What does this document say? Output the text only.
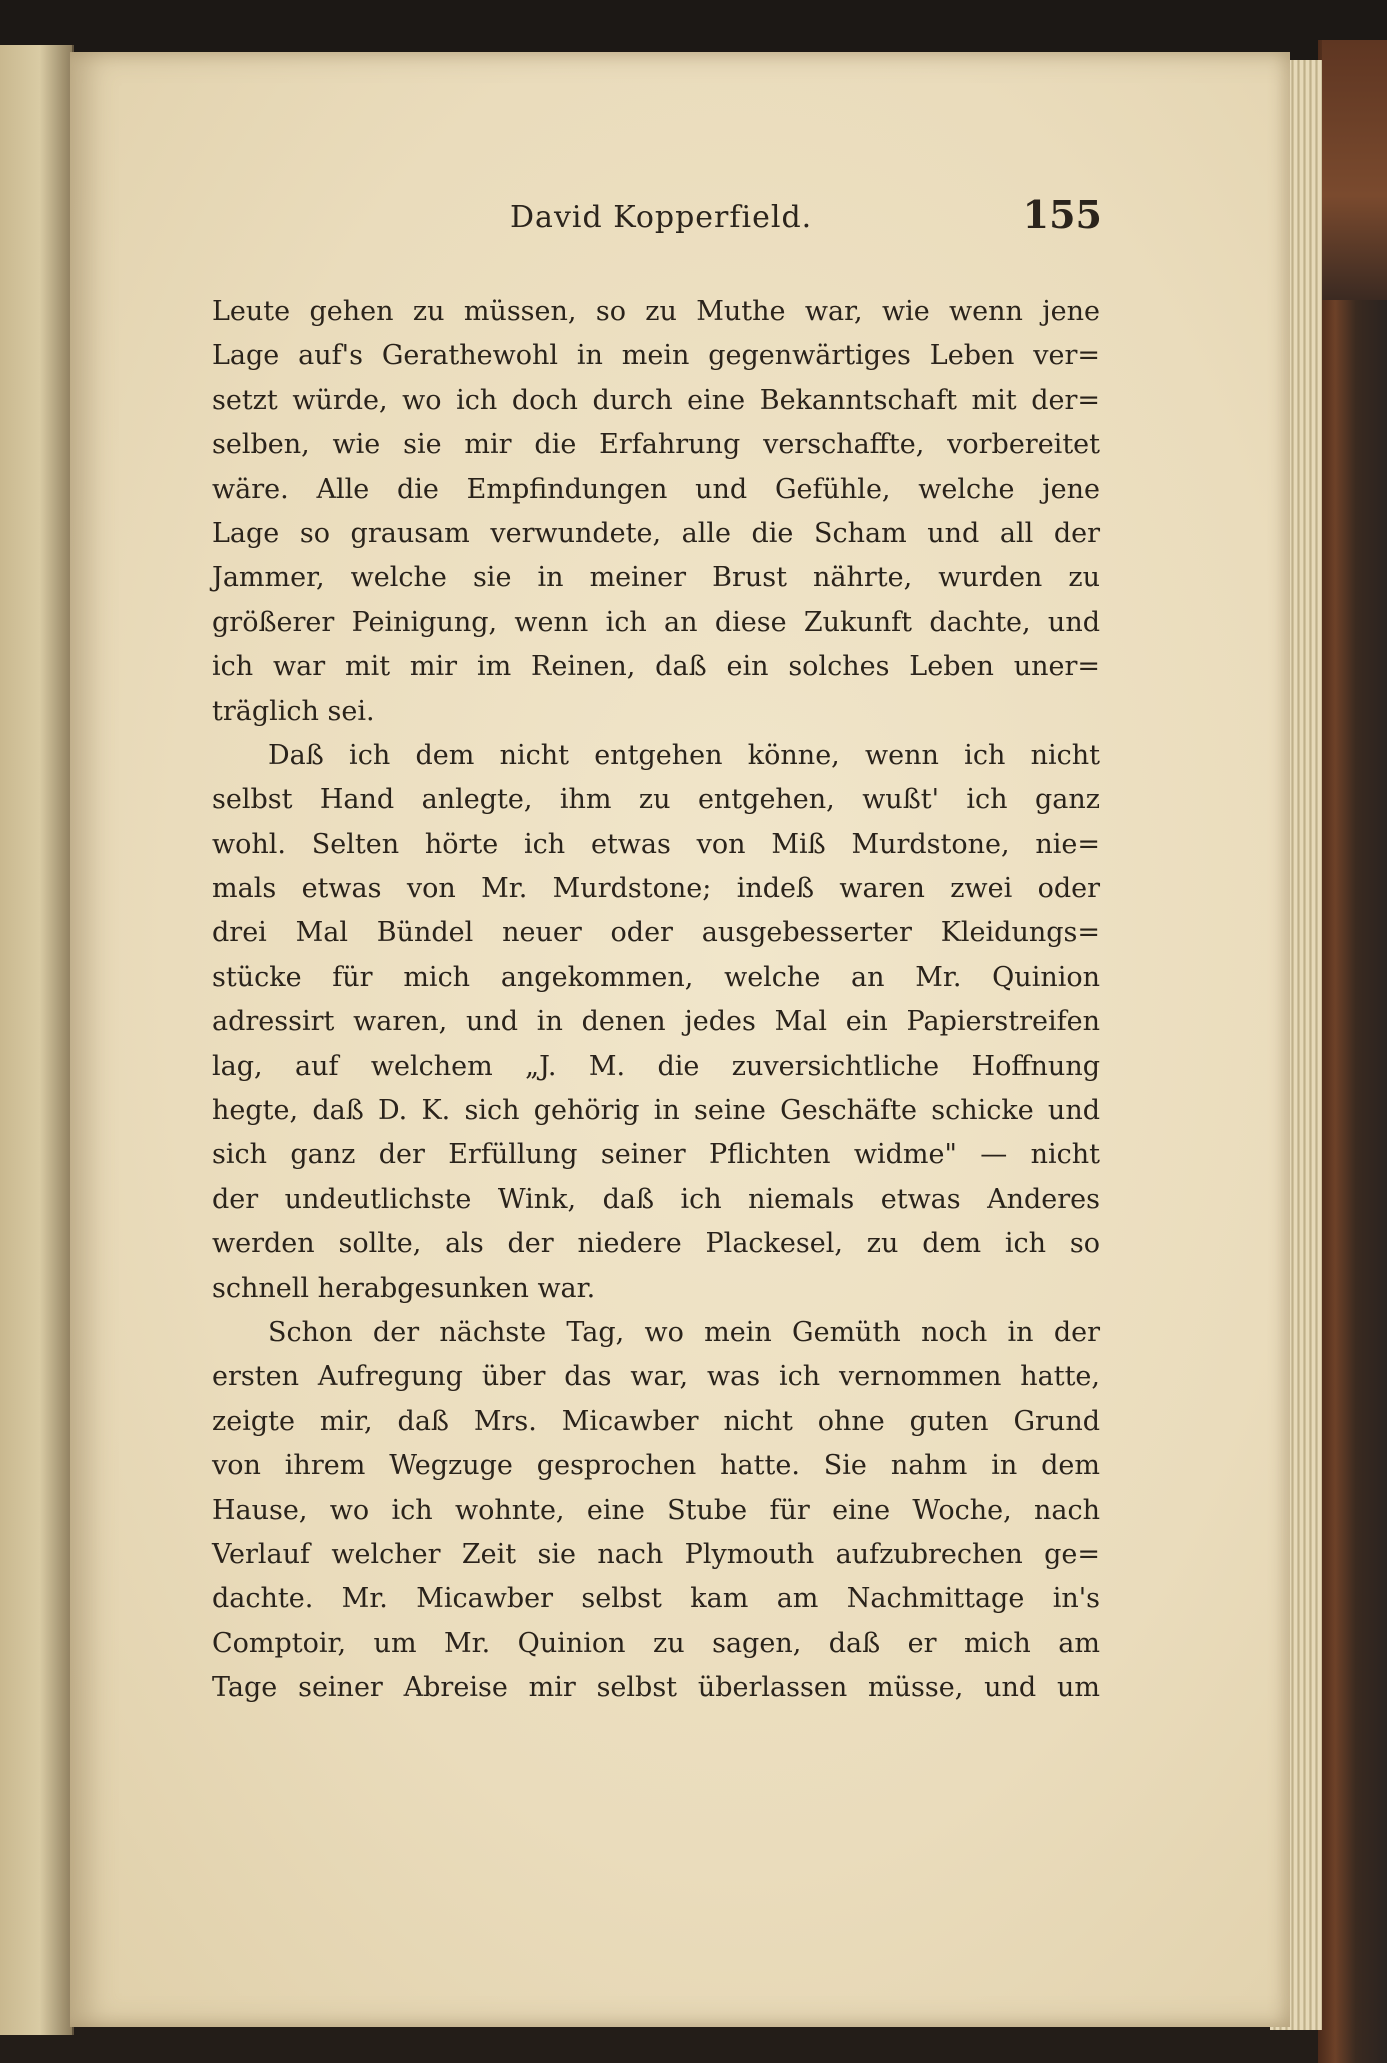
David Kopperfield.	155
Leute gehen zu müssen, so zu Muthe war, wie wenn jene
Lage auf's Gerathewohl in mein gegenwärtiges Leben ver=
setzt würde, wo ich doch durch eine Bekanntschaft mit der=
selben, wie sie mir die Erfahrung verschaffte, vorbereitet
wäre. Alle die Empfindungen und Gefühle, welche jene
Lage so grausam verwundete, alle die Scham und all der
Jammer, welche sie in meiner Brust nährte, wurden zu
größerer Peinigung, wenn ich an diese Zukunft dachte, und
ich war mit mir im Reinen, daß ein solches Leben uner=
träglich sei.
Daß ich dem nicht entgehen könne, wenn ich nicht
selbst Hand anlegte, ihm zu entgehen, wußt' ich ganz
wohl. Selten hörte ich etwas von Miß Murdstone, nie=
mals etwas von Mr. Murdstone; indeß waren zwei oder
drei Mal Bündel neuer oder ausgebesserter Kleidungs=
stücke für mich angekommen, welche an Mr. Quinion
adressirt waren, und in denen jedes Mal ein Papierstreifen
lag, auf welchem „J. M. die zuversichtliche Hoffnung
hegte, daß D. K. sich gehörig in seine Geschäfte schicke und
sich ganz der Erfüllung seiner Pflichten widme" — nicht
der undeutlichste Wink, daß ich niemals etwas Anderes
werden sollte, als der niedere Plackesel, zu dem ich so
schnell herabgesunken war.
Schon der nächste Tag, wo mein Gemüth noch in der
ersten Aufregung über das war, was ich vernommen hatte,
zeigte mir, daß Mrs. Micawber nicht ohne guten Grund
von ihrem Wegzuge gesprochen hatte. Sie nahm in dem
Hause, wo ich wohnte, eine Stube für eine Woche, nach
Verlauf welcher Zeit sie nach Plymouth aufzubrechen ge=
dachte. Mr. Micawber selbst kam am Nachmittage in's
Comptoir, um Mr. Quinion zu sagen, daß er mich am
Tage seiner Abreise mir selbst überlassen müsse, und um
